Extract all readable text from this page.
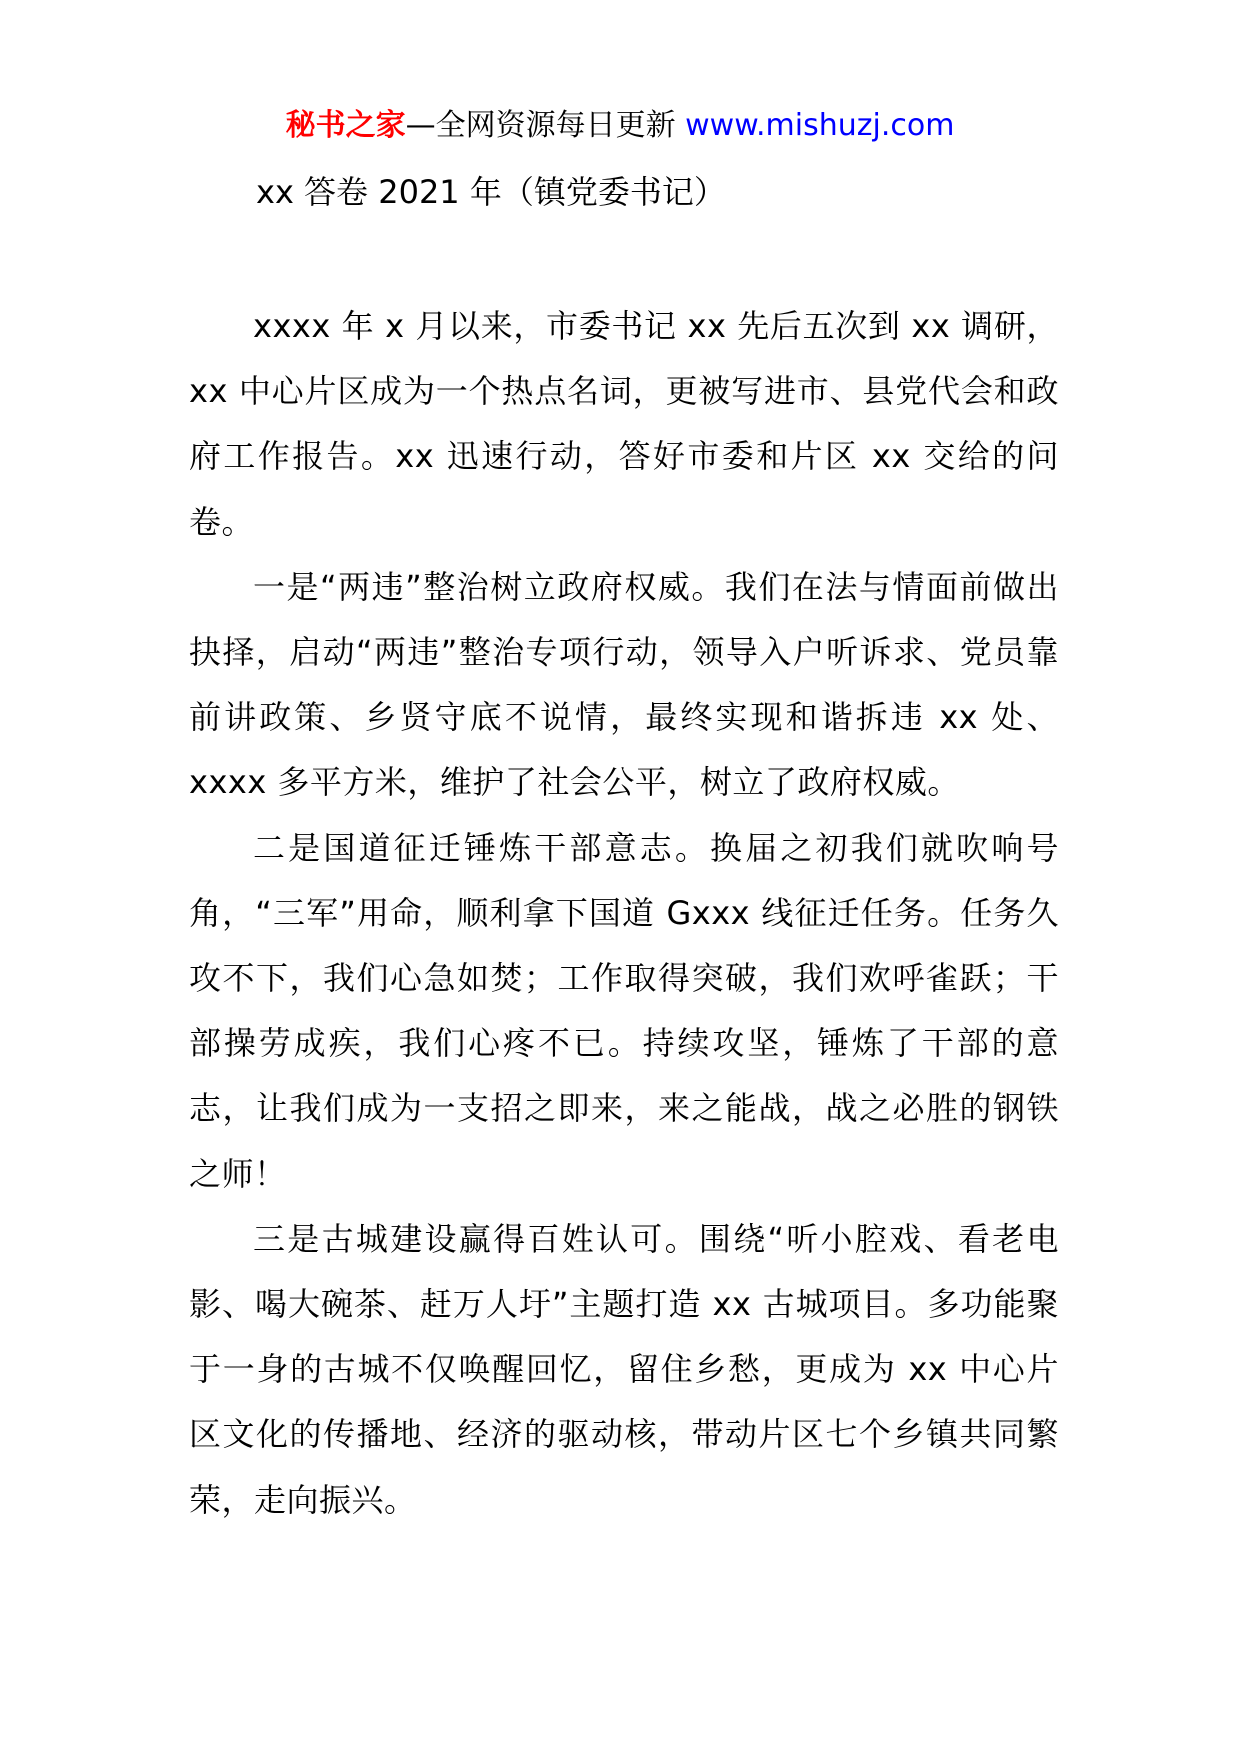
秘书之家—全网资源每日更新 www.mishuzj.com
xx 答卷 2021 年（镇党委书记）

xxxx 年 x 月以来，市委书记 xx 先后五次到 xx 调研，xx 中心片区成为一个热点名词，更被写进市、县党代会和政府工作报告。xx 迅速行动，答好市委和片区 xx 交给的问卷。

一是“两违”整治树立政府权威。我们在法与情面前做出抉择，启动“两违”整治专项行动，领导入户听诉求、党员靠前讲政策、乡贤守底不说情，最终实现和谐拆违 xx 处、xxxx 多平方米，维护了社会公平，树立了政府权威。

二是国道征迁锤炼干部意志。换届之初我们就吹响号角，“三军”用命，顺利拿下国道 Gxxx 线征迁任务。任务久攻不下，我们心急如焚；工作取得突破，我们欢呼雀跃；干部操劳成疾，我们心疼不已。持续攻坚，锤炼了干部的意志，让我们成为一支招之即来，来之能战，战之必胜的钢铁之师！

三是古城建设赢得百姓认可。围绕“听小腔戏、看老电影、喝大碗茶、赶万人圩”主题打造 xx 古城项目。多功能聚于一身的古城不仅唤醒回忆，留住乡愁，更成为 xx 中心片区文化的传播地、经济的驱动核，带动片区七个乡镇共同繁荣，走向振兴。
